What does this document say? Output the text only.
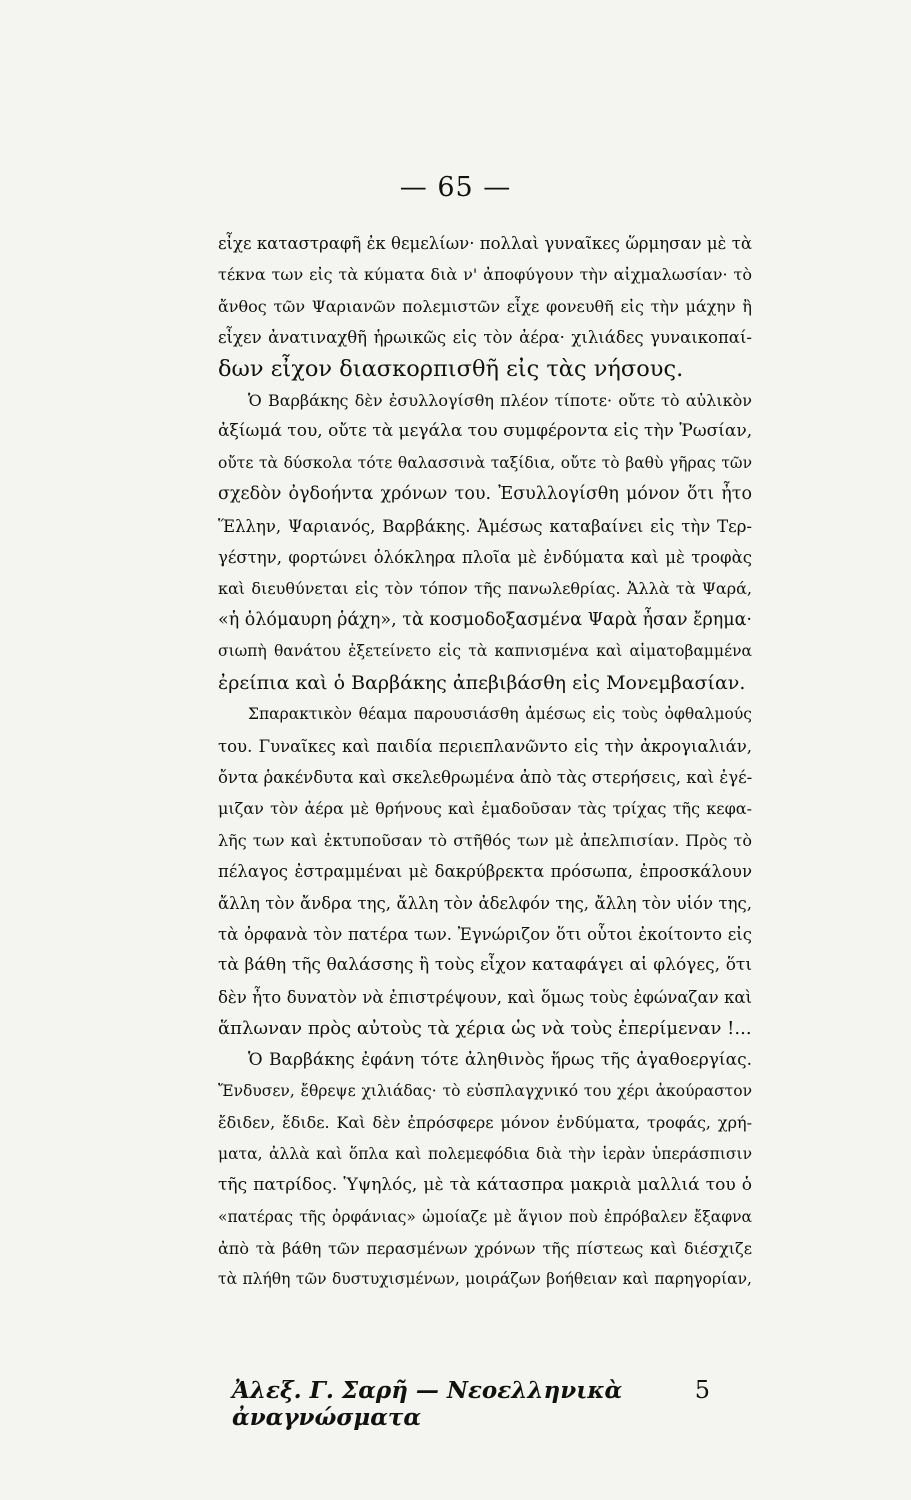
— 65 —
εἶχε καταστραφῆ ἐκ θεμελίων· πολλαὶ γυναῖκες ὥρμησαν μὲ τὰ
τέκνα των εἰς τὰ κύματα διὰ ν' ἀποφύγουν τὴν αἰχμαλωσίαν· τὸ
ἄνθος τῶν Ψαριανῶν πολεμιστῶν εἶχε φονευθῆ εἰς τὴν μάχην ἢ
εἶχεν ἀνατιναχθῆ ἡρωικῶς εἰς τὸν ἀέρα· χιλιάδες γυναικοπαί-
δων εἶχον διασκορπισθῆ εἰς τὰς νήσους.
Ὁ Βαρβάκης δὲν ἐσυλλογίσθη πλέον τίποτε· οὔτε τὸ αὐλικὸν
ἀξίωμά του, οὔτε τὰ μεγάλα του συμφέροντα εἰς τὴν Ῥωσίαν,
οὔτε τὰ δύσκολα τότε θαλασσινὰ ταξίδια, οὔτε τὸ βαθὺ γῆρας τῶν
σχεδὸν ὀγδοήντα χρόνων του. Ἐσυλλογίσθη μόνον ὅτι ἦτο
Ἕλλην, Ψαριανός, Βαρβάκης. Ἀμέσως καταβαίνει εἰς τὴν Τερ-
γέστην, φορτώνει ὁλόκληρα πλοῖα μὲ ἐνδύματα καὶ μὲ τροφὰς
καὶ διευθύνεται εἰς τὸν τόπον τῆς πανωλεθρίας. Ἀλλὰ τὰ Ψαρά,
«ἡ ὁλόμαυρη ῥάχη», τὰ κοσμοδοξασμένα Ψαρὰ ἦσαν ἔρημα·
σιωπὴ θανάτου ἐξετείνετο εἰς τὰ καπνισμένα καὶ αἱματοβαμμένα
ἐρείπια καὶ ὁ Βαρβάκης ἀπεβιβάσθη εἰς Μονεμβασίαν.
Σπαρακτικὸν θέαμα παρουσιάσθη ἀμέσως εἰς τοὺς ὀφθαλμούς
του. Γυναῖκες καὶ παιδία περιεπλανῶντο εἰς τὴν ἀκρογιαλιάν,
ὄντα ῥακένδυτα καὶ σκελεθρωμένα ἀπὸ τὰς στερήσεις, καὶ ἐγέ-
μιζαν τὸν ἀέρα μὲ θρήνους καὶ ἐμαδοῦσαν τὰς τρίχας τῆς κεφα-
λῆς των καὶ ἐκτυποῦσαν τὸ στῆθός των μὲ ἀπελπισίαν. Πρὸς τὸ
πέλαγος ἐστραμμέναι μὲ δακρύβρεκτα πρόσωπα, ἐπροσκάλουν
ἄλλη τὸν ἄνδρα της, ἄλλη τὸν ἀδελφόν της, ἄλλη τὸν υἱόν της,
τὰ ὀρφανὰ τὸν πατέρα των. Ἐγνώριζον ὅτι οὗτοι ἐκοίτοντο εἰς
τὰ βάθη τῆς θαλάσσης ἢ τοὺς εἶχον καταφάγει αἱ φλόγες, ὅτι
δὲν ἦτο δυνατὸν νὰ ἐπιστρέψουν, καὶ ὅμως τοὺς ἐφώναζαν καὶ
ἅπλωναν πρὸς αὐτοὺς τὰ χέρια ὡς νὰ τοὺς ἐπερίμεναν !...
Ὁ Βαρβάκης ἐφάνη τότε ἀληθινὸς ἥρως τῆς ἀγαθοεργίας.
Ἔνδυσεν, ἔθρεψε χιλιάδας· τὸ εὐσπλαγχνικό του χέρι ἀκούραστον
ἔδιδεν, ἔδιδε. Καὶ δὲν ἐπρόσφερε μόνον ἐνδύματα, τροφάς, χρή-
ματα, ἀλλὰ καὶ ὅπλα καὶ πολεμεφόδια διὰ τὴν ἱερὰν ὑπεράσπισιν
τῆς πατρίδος. Ὑψηλός, μὲ τὰ κάτασπρα μακριὰ μαλλιά του ὁ
«πατέρας τῆς ὀρφάνιας» ὡμοίαζε μὲ ἅγιον ποὺ ἐπρόβαλεν ἔξαφνα
ἀπὸ τὰ βάθη τῶν περασμένων χρόνων τῆς πίστεως καὶ διέσχιζε
τὰ πλήθη τῶν δυστυχισμένων, μοιράζων βοήθειαν καὶ παρηγορίαν,
Ἀλεξ. Γ. Σαρῆ — Νεοελληνικὰ ἀναγνώσματα
5
